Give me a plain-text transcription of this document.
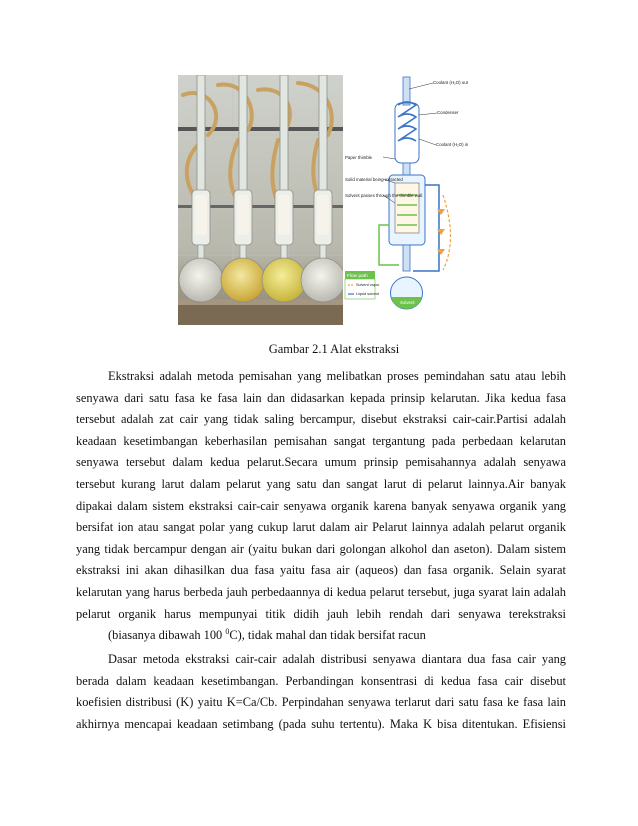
Coolant (H₂O) out
Condenser
Coolant (H₂O) in
Paper thimble
Solid material being extracted
Solvent passes through the thimble wall
Solvent
Flow path
Solvent vapor
Liquid solvent
Gambar 2.1 Alat ekstraksi

Ekstraksi adalah metoda pemisahan yang melibatkan proses pemindahan satu atau lebih senyawa dari satu fasa ke fasa lain dan didasarkan kepada prinsip kelarutan. Jika kedua fasa tersebut adalah zat cair yang tidak saling bercampur, disebut ekstraksi cair-cair.Partisi adalah keadaan kesetimbangan keberhasilan pemisahan sangat tergantung pada perbedaan kelarutan senyawa tersebut dalam kedua pelarut.Secara umum prinsip pemisahannya adalah senyawa tersebut kurang larut dalam pelarut yang satu dan sangat larut di pelarut lainnya.Air banyak dipakai dalam sistem ekstraksi cair-cair senyawa organik karena banyak senyawa organik yang bersifat ion atau sangat polar yang cukup larut dalam air Pelarut lainnya adalah pelarut organik yang tidak bercampur dengan air (yaitu bukan dari golongan alkohol dan aseton). Dalam sistem ekstraksi ini akan dihasilkan dua fasa yaitu fasa air (aqueos) dan fasa organik. Selain syarat kelarutan yang harus berbeda jauh perbedaannya di kedua pelarut tersebut, juga syarat lain adalah pelarut organik harus mempunyai titik didih jauh lebih rendah dari senyawa terekstraksi
(biasanya dibawah 100 $^0$C), tidak mahal dan tidak bersifat racun

Dasar metoda ekstraksi cair-cair adalah distribusi senyawa diantara dua fasa cair yang berada dalam keadaan kesetimbangan. Perbandingan konsentrasi di kedua fasa cair disebut koefisien distribusi (K) yaitu K=Ca/Cb. Perpindahan senyawa terlarut dari satu fasa ke fasa lain akhirnya mencapai keadaan setimbang (pada suhu tertentu). Maka K bisa ditentukan. Efisiensi
